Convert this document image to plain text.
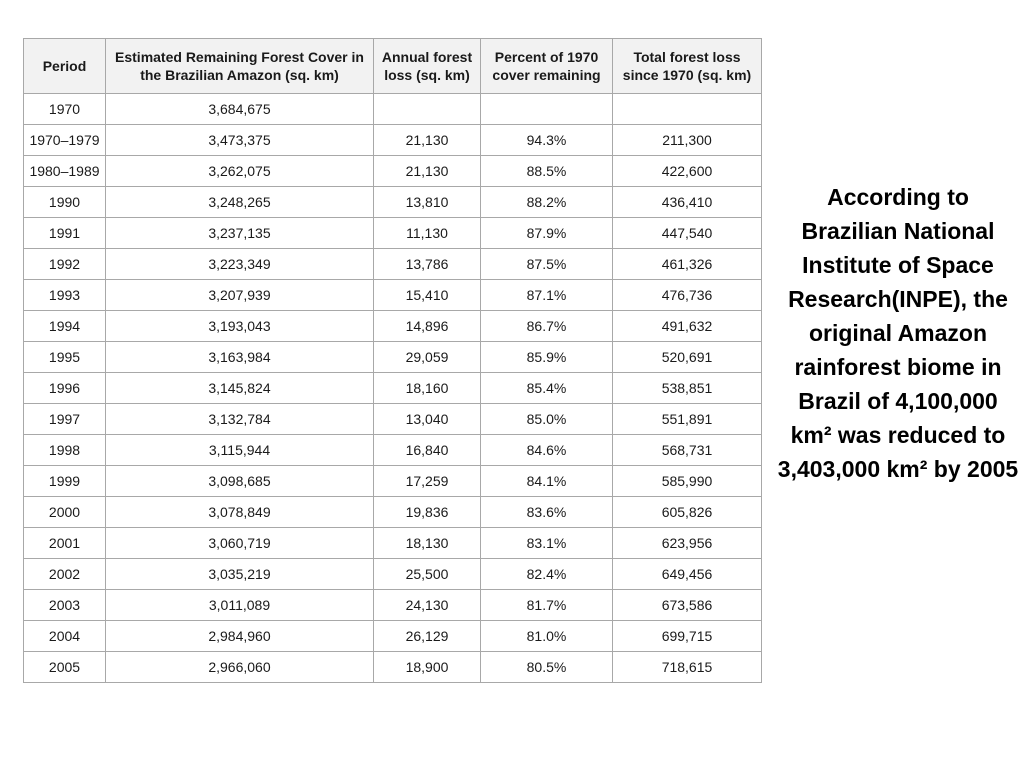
Period	Estimated Remaining Forest Cover in the Brazilian Amazon (sq. km)	Annual forest loss (sq. km)	Percent of 1970 cover remaining	Total forest loss since 1970 (sq. km)
1970	3,684,675			
1970–1979	3,473,375	21,130	94.3%	211,300
1980–1989	3,262,075	21,130	88.5%	422,600
1990	3,248,265	13,810	88.2%	436,410
1991	3,237,135	11,130	87.9%	447,540
1992	3,223,349	13,786	87.5%	461,326
1993	3,207,939	15,410	87.1%	476,736
1994	3,193,043	14,896	86.7%	491,632
1995	3,163,984	29,059	85.9%	520,691
1996	3,145,824	18,160	85.4%	538,851
1997	3,132,784	13,040	85.0%	551,891
1998	3,115,944	16,840	84.6%	568,731
1999	3,098,685	17,259	84.1%	585,990
2000	3,078,849	19,836	83.6%	605,826
2001	3,060,719	18,130	83.1%	623,956
2002	3,035,219	25,500	82.4%	649,456
2003	3,011,089	24,130	81.7%	673,586
2004	2,984,960	26,129	81.0%	699,715
2005	2,966,060	18,900	80.5%	718,615
According to Brazilian National Institute of Space Research(INPE), the original Amazon rainforest biome in Brazil of 4,100,000 km² was reduced to 3,403,000 km² by 2005
